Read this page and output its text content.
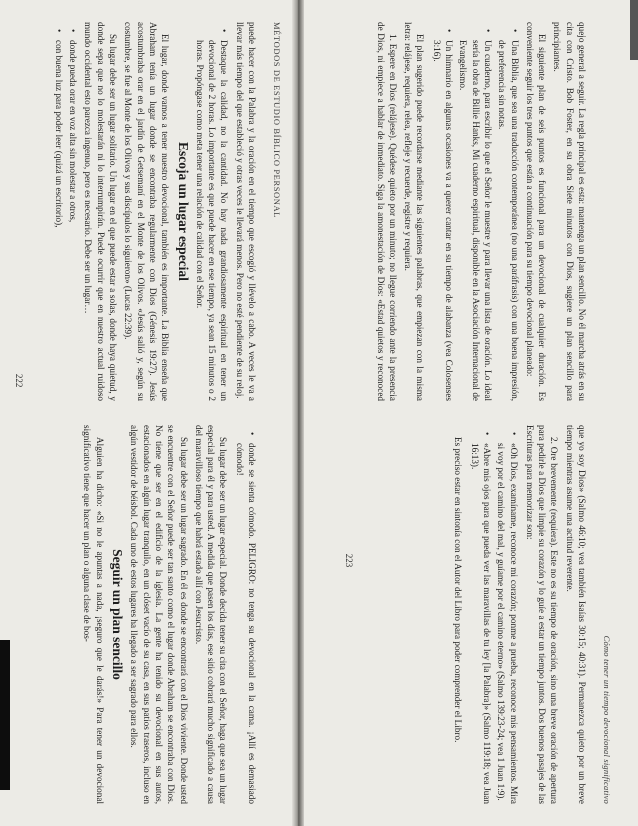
MÉTODOS DE ESTUDIO BÍBLICO PERSONAL

puede hacer con la Palabra y la oración en el tiempo que escogió y llévelo a cabo. A veces le va a llevar más tiempo del que estableció y otras veces le llevará menos. Pero no esté pendiente de su reloj.

• Destaque la calidad, no la cantidad. No hay nada grandiosamente espiritual en tener un devocional de 2 horas. Lo importante es que puede hacer en ese tiempo, ya sean 15 minutos o 2 horas. Propóngase como meta tener una relación de calidad con el Señor.
Escoja un lugar especial

El lugar, donde vamos a tener nuestro devocional, también es importante. La Biblia enseña que Abraham tenía un lugar donde se encontraba regularmente con Dios (Génesis 19:27). Jesús acostumbraba orar en el jardín de Getsemaní en el Monte de los Olivos. «Jesús salió y, según su costumbre, se fue al Monte de los Olivos y sus discípulos lo siguieron» (Lucas 22:39).

Su lugar debe ser un lugar solitario. Un lugar en el que puede estar a solas, donde haya quietud, y donde sepa que no lo molestarán ni lo interrumpirán. Puede ocurrir que en nuestro actual ruidoso mundo occidental esto parezca ingenuo, pero es necesario. Debe ser un lugar…

• donde pueda orar en voz alta sin molestar a otros,
• con buena luz para poder leer (quizá un escritorio),
• donde se sienta cómodo. PELIGRO: no tenga su devocional en la cama. ¡Allí es demasiado cómodo!

Su lugar debe ser un lugar especial. Donde decida tener su cita con el Señor, haga que sea un lugar especial para él y para usted. A medida que pasen los días, ese sitio cobrará mucho significado a causa del maravilloso tiempo que habrá estado allí con Jesucristo.

Su lugar debe ser un lugar sagrado. En él es donde se encontrará con el Dios viviente. Donde usted se encuentre con el Señor puede ser tan santo como el lugar donde Abraham se encontraba con Dios. No tiene que ser en el edificio de la iglesia. La gente ha tenido su devocional en sus autos, estacionados en algún lugar tranquilo, en un clóset vacío de su casa, en sus patios traseros, incluso en algún vestidor de béisbol. Cada uno de estos lugares ha llegado a ser sagrado para ellos.

Seguir un plan sencillo

Alguien ha dicho: «Si no le apuntas a nada, ¡seguro que le darás!» Para tener un devocional significativo tiene que hacer un plan o alguna clase de bos-

222
Cómo tener un tiempo devocional significativo

quejo general a seguir. La regla principal es esta: mantenga un plan sencillo. No él marcha atrás en su cita con Cristo. Bob Foster, en su obra Siete minutos con Dios, sugiere un plan sencillo para principiantes.

El siguiente plan de seis puntos es funcional para un devocional de cualquier duración. Es conveniente seguir los tres puntos que están a continuación para su tiempo devocional planeado:

• Una Biblia, que sea una traducción contemporánea (no una paráfrasis) con una buena impresión, de preferencia sin notas.
• Un cuaderno, para escribir lo que el Señor le muestre y para llevar una lista de oración. Lo ideal sería la obra de Billie Hanks, Mi cuaderno espiritual, disponible en la Asociación Internacional de Evangelismo.
• Un himnario en algunas ocasiones va a querer cantar en su tiempo de alabanza (vea Colosenses 3:16).

El plan sugerido puede recordarse mediante las siguientes palabras, que empiezan con la misma letra: relájese, requiera, relea, refleje y recuerde, registre y requiera.

1. Espere en Dios (relájese). Quédese quieto por un minuto; no llegue corriendo ante la presencia de Dios, ni empiece a hablar de inmediato. Siga la amonestación de Dios: «Estad quietos y reconoced que yo soy Dios» (Salmo 46:10; vea también Isaías 30:15; 40:31). Permanezca quieto por un breve tiempo mientras asume una actitud reverente.
2. Ore brevemente (requiera). Este no es su tiempo de oración, sino una breve oración de apertura para pedirle a Dios que limpie su corazón y lo guíe a estar un tiempo juntos. Dos buenos pasajes de las Escrituras para memorizar son:
• «Oh Dios, examíname, reconoce mi corazón; ponme a prueba, reconoce mis pensamientos. Mira si voy por el camino del mal, y guíame por el camino eterno» (Salmo 139:23-24; vea 1 Juan 1:9).
• «Abre mis ojos para que pueda ver las maravillas de tu ley [la Palabra]» (Salmo 119:18; vea Juan 16:13).

Es preciso estar en sintonía con el Autor del Libro para poder comprender el Libro.

223
